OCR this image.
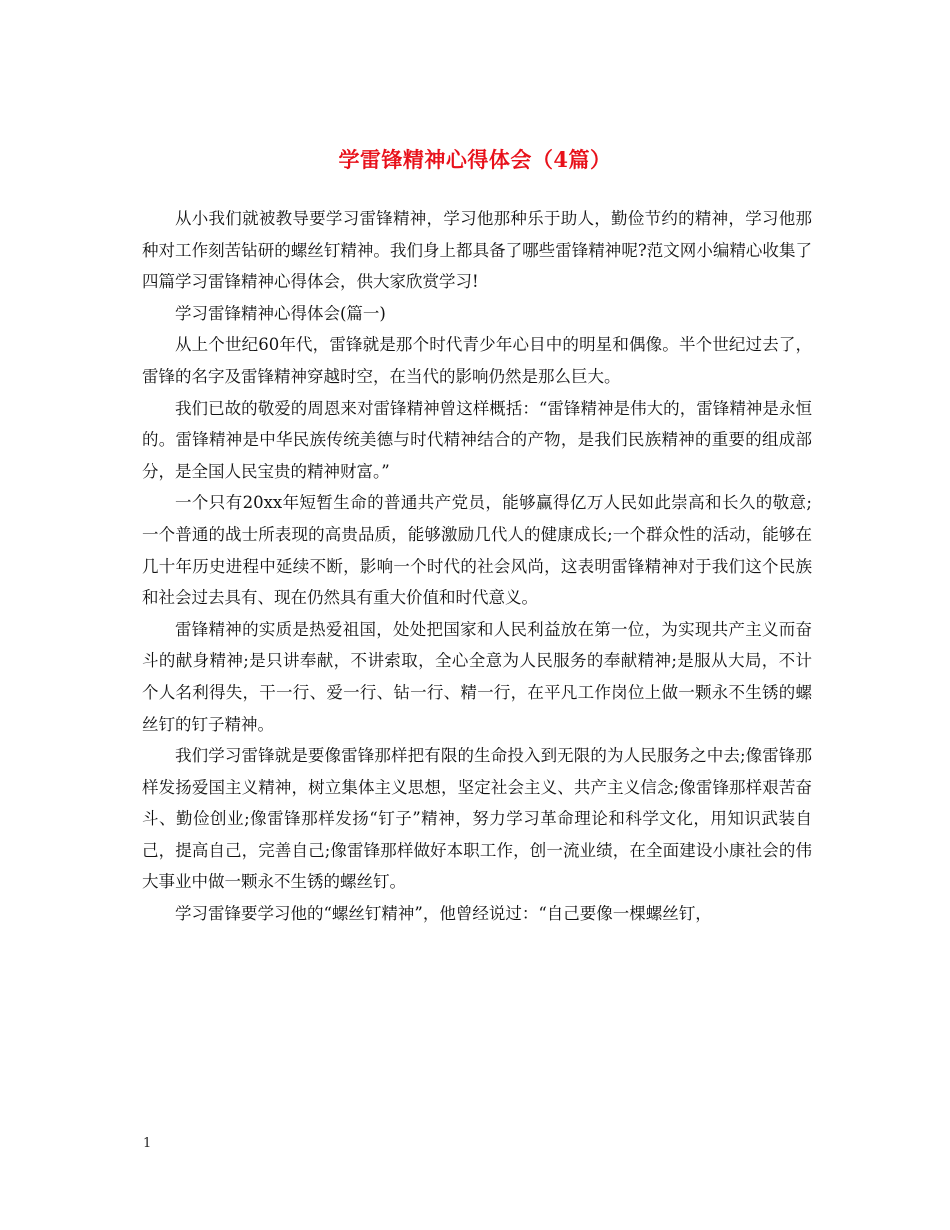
学雷锋精神心得体会（4篇）

从小我们就被教导要学习雷锋精神，学习他那种乐于助人，勤俭节约的精神，学习他那种对工作刻苦钻研的螺丝钉精神。我们身上都具备了哪些雷锋精神呢?范文网小编精心收集了四篇学习雷锋精神心得体会，供大家欣赏学习!

学习雷锋精神心得体会(篇一)

从上个世纪60年代，雷锋就是那个时代青少年心目中的明星和偶像。半个世纪过去了，雷锋的名字及雷锋精神穿越时空，在当代的影响仍然是那么巨大。

我们已故的敬爱的周恩来对雷锋精神曾这样概括：“雷锋精神是伟大的，雷锋精神是永恒的。雷锋精神是中华民族传统美德与时代精神结合的产物，是我们民族精神的重要的组成部分，是全国人民宝贵的精神财富。”

一个只有20xx年短暂生命的普通共产党员，能够赢得亿万人民如此崇高和长久的敬意;一个普通的战士所表现的高贵品质，能够激励几代人的健康成长;一个群众性的活动，能够在几十年历史进程中延续不断，影响一个时代的社会风尚，这表明雷锋精神对于我们这个民族和社会过去具有、现在仍然具有重大价值和时代意义。

雷锋精神的实质是热爱祖国，处处把国家和人民利益放在第一位，为实现共产主义而奋斗的献身精神;是只讲奉献，不讲索取，全心全意为人民服务的奉献精神;是服从大局，不计个人名利得失，干一行、爱一行、钻一行、精一行，在平凡工作岗位上做一颗永不生锈的螺丝钉的钉子精神。

我们学习雷锋就是要像雷锋那样把有限的生命投入到无限的为人民服务之中去;像雷锋那样发扬爱国主义精神，树立集体主义思想，坚定社会主义、共产主义信念;像雷锋那样艰苦奋斗、勤俭创业;像雷锋那样发扬“钉子”精神，努力学习革命理论和科学文化，用知识武装自己，提高自己，完善自己;像雷锋那样做好本职工作，创一流业绩，在全面建设小康社会的伟大事业中做一颗永不生锈的螺丝钉。

学习雷锋要学习他的“螺丝钉精神”，他曾经说过：“自己要像一棵螺丝钉，

1
